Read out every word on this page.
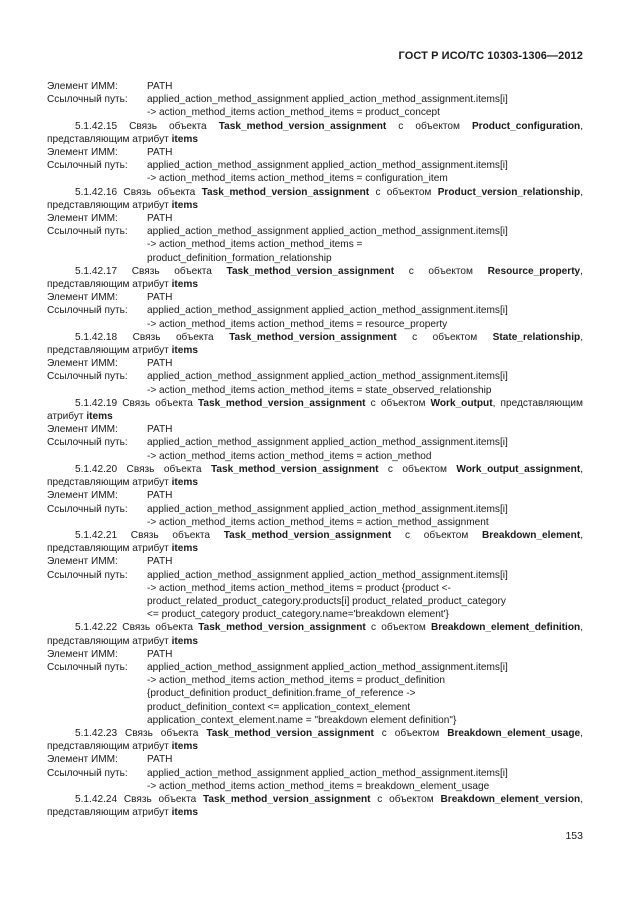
ГОСТ Р ИСО/ТС 10303-1306—2012
Элемент ИММ:	PATH
Ссылочный путь:	applied_action_method_assignment applied_action_method_assignment.items[i]
-> action_method_items action_method_items = product_concept
5.1.42.15 Связь объекта Task_method_version_assignment с объектом Product_configuration, представляющим атрибут items
Элемент ИММ:	PATH
Ссылочный путь:	applied_action_method_assignment applied_action_method_assignment.items[i]
-> action_method_items action_method_items = configuration_item
5.1.42.16 Связь объекта Task_method_version_assignment с объектом Product_version_relationship, представляющим атрибут items
Элемент ИММ:	PATH
Ссылочный путь:	applied_action_method_assignment applied_action_method_assignment.items[i]
-> action_method_items action_method_items =
product_definition_formation_relationship
5.1.42.17 Связь объекта Task_method_version_assignment с объектом Resource_property, представляющим атрибут items
Элемент ИММ:	PATH
Ссылочный путь:	applied_action_method_assignment applied_action_method_assignment.items[i]
-> action_method_items action_method_items = resource_property
5.1.42.18 Связь объекта Task_method_version_assignment с объектом State_relationship, представляющим атрибут items
Элемент ИММ:	PATH
Ссылочный путь:	applied_action_method_assignment applied_action_method_assignment.items[i]
-> action_method_items action_method_items = state_observed_relationship
5.1.42.19 Связь объекта Task_method_version_assignment с объектом Work_output, представляющим атрибут items
Элемент ИММ:	PATH
Ссылочный путь:	applied_action_method_assignment applied_action_method_assignment.items[i]
-> action_method_items action_method_items = action_method
5.1.42.20 Связь объекта Task_method_version_assignment с объектом Work_output_assignment, представляющим атрибут items
Элемент ИММ:	PATH
Ссылочный путь:	applied_action_method_assignment applied_action_method_assignment.items[i]
-> action_method_items action_method_items = action_method_assignment
5.1.42.21 Связь объекта Task_method_version_assignment с объектом Breakdown_element, представляющим атрибут items
Элемент ИММ:	PATH
Ссылочный путь:	applied_action_method_assignment applied_action_method_assignment.items[i]
-> action_method_items action_method_items = product {product <-
product_related_product_category.products[i] product_related_product_category
<= product_category product_category.name='breakdown element'}
5.1.42.22 Связь объекта Task_method_version_assignment с объектом Breakdown_element_definition, представляющим атрибут items
Элемент ИММ:	PATH
Ссылочный путь:	applied_action_method_assignment applied_action_method_assignment.items[i]
-> action_method_items action_method_items = product_definition
{product_definition product_definition.frame_of_reference ->
product_definition_context <= application_context_element
application_context_element.name = "breakdown element definition"}
5.1.42.23 Связь объекта Task_method_version_assignment с объектом Breakdown_element_usage, представляющим атрибут items
Элемент ИММ:	PATH
Ссылочный путь:	applied_action_method_assignment applied_action_method_assignment.items[i]
-> action_method_items action_method_items = breakdown_element_usage
5.1.42.24 Связь объекта Task_method_version_assignment с объектом Breakdown_element_version, представляющим атрибут items
153
